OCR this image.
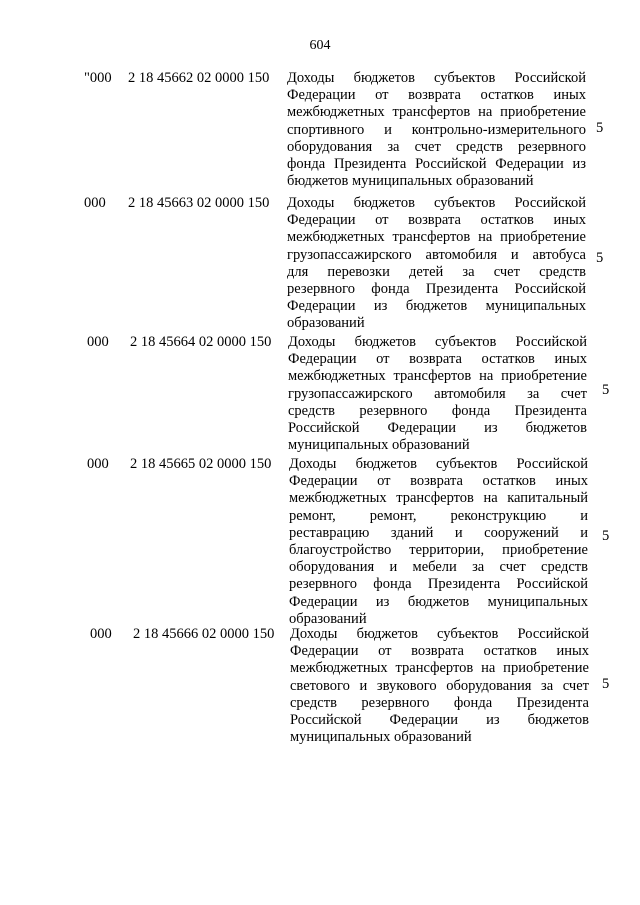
604
"000 2 18 45662 02 0000 150 Доходы бюджетов субъектов Российской
Федерации от возврата остатков иных
межбюджетных трансфертов на приобретение
спортивного и контрольно-измерительного
оборудования за счет средств резервного
фонда Президента Российской Федерации из
бюджетов муниципальных образований
5
000 2 18 45663 02 0000 150 Доходы бюджетов субъектов Российской
Федерации от возврата остатков иных
межбюджетных трансфертов на приобретение
грузопассажирского автомобиля и автобуса
для перевозки детей за счет средств
резервного фонда Президента Российской
Федерации из бюджетов муниципальных
образований
5
000 2 18 45664 02 0000 150 Доходы бюджетов субъектов Российской
Федерации от возврата остатков иных
межбюджетных трансфертов на приобретение
грузопассажирского автомобиля за счет
средств резервного фонда Президента
Российской Федерации из бюджетов
муниципальных образований
5
000 2 18 45665 02 0000 150 Доходы бюджетов субъектов Российской
Федерации от возврата остатков иных
межбюджетных трансфертов на капитальный
ремонт, ремонт, реконструкцию и
реставрацию зданий и сооружений и
благоустройство территории, приобретение
оборудования и мебели за счет средств
резервного фонда Президента Российской
Федерации из бюджетов муниципальных
образований
5
000 2 18 45666 02 0000 150 Доходы бюджетов субъектов Российской
Федерации от возврата остатков иных
межбюджетных трансфертов на приобретение
светового и звукового оборудования за счет
средств резервного фонда Президента
Российской Федерации из бюджетов
муниципальных образований
5
